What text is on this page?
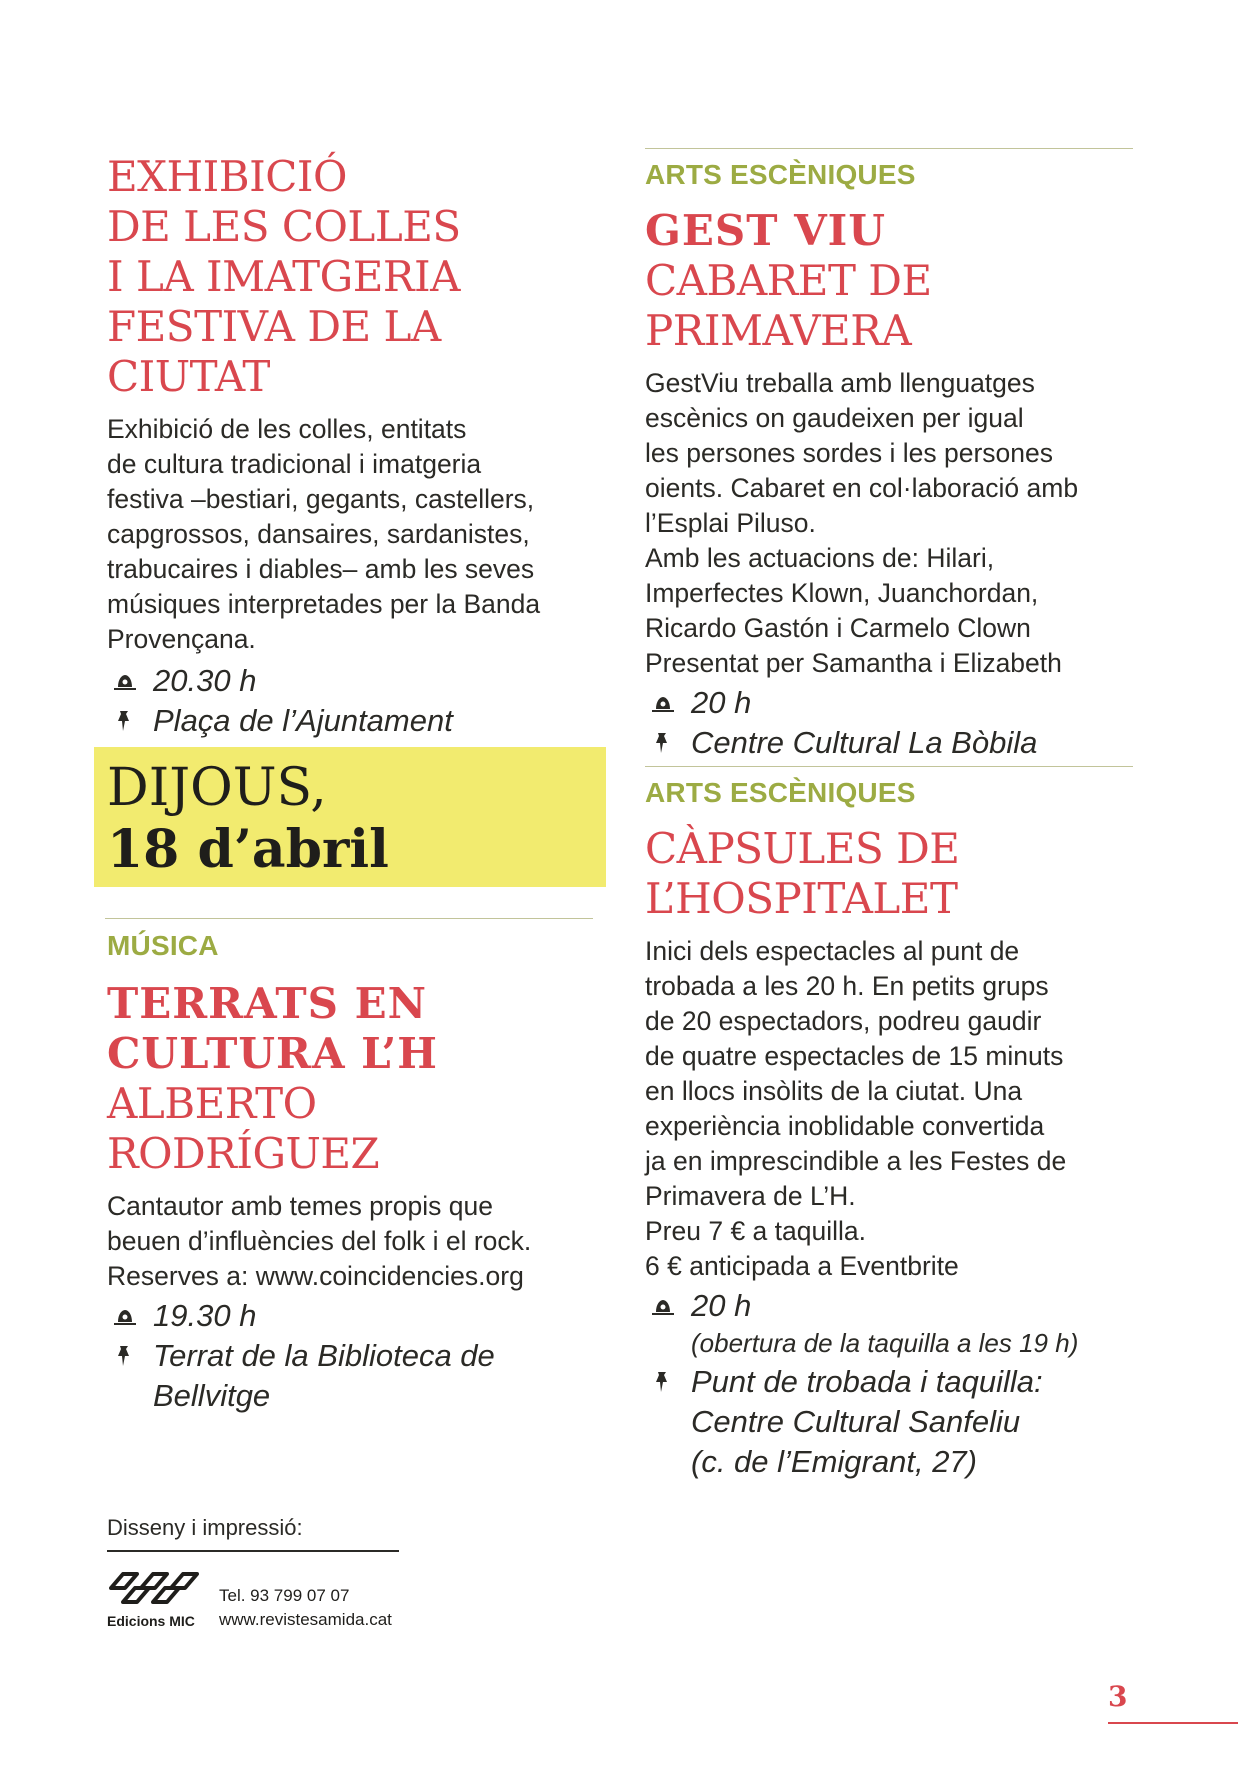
EXHIBICIÓ
DE LES COLLES
I LA IMATGERIA
FESTIVA DE LA CIUTAT
Exhibició de les colles, entitats
de cultura tradicional i imatgeria
festiva –bestiari, gegants, castellers,
capgrossos, dansaires, sardanistes,
trabucaires i diables– amb les seves
músiques interpretades per la Banda
Provençana.
20.30 h
Plaça de l’Ajuntament

DIJOUS,

18 d’abril

MÚSICA

TERRATS EN
CULTURA L’H
ALBERTO RODRÍGUEZ
Cantautor amb temes propis que
beuen d’influències del folk i el rock.
Reserves a: www.coincidencies.org
19.30 h
Terrat de la Biblioteca de
Bellvitge

ARTS ESCÈNIQUES

GEST VIU
CABARET DE PRIMAVERA
GestViu treballa amb llenguatges
escènics on gaudeixen per igual
les persones sordes i les persones
oients. Cabaret en col·laboració amb
l’Esplai Piluso.
Amb les actuacions de: Hilari,
Imperfectes Klown, Juanchordan,
Ricardo Gastón i Carmelo Clown
Presentat per Samantha i Elizabeth
20 h
Centre Cultural La Bòbila

ARTS ESCÈNIQUES

CÀPSULES DE
L’HOSPITALET
Inici dels espectacles al punt de
trobada a les 20 h. En petits grups
de 20 espectadors, podreu gaudir
de quatre espectacles de 15 minuts
en llocs insòlits de la ciutat. Una
experiència inoblidable convertida
ja en imprescindible a les Festes de
Primavera de L’H.
Preu 7 € a taquilla.
6 € anticipada a Eventbrite
20 h
(obertura de la taquilla a les 19 h)
Punt de trobada i taquilla:
Centre Cultural Sanfeliu
(c. de l’Emigrant, 27)

Disseny i impressió:

Edicions MIC
Tel. 93 799 07 07
www.revistesamida.cat

3
